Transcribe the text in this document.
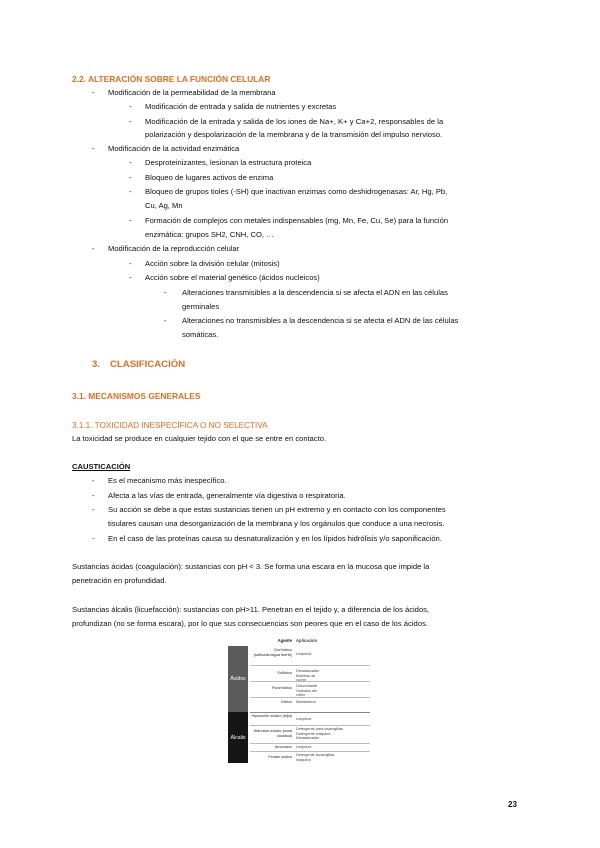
2.2. ALTERACIÓN SOBRE LA FUNCIÓN CELULAR
- Modificación de la permeabilidad de la membrana
- Modificación de entrada y salida de nutrientes y excretas
- Modificación de la entrada y salida de los iones de Na+, K+ y Ca+2, responsables de la
polarización y despolarización de la membrana y de la transmisión del impulso nervioso.
- Modificación de la actividad enzimática
- Desproteinizantes, lesionan la estructura proteica
- Bloqueo de lugares activos de enzima
- Bloqueo de grupos tioles (-SH) que inactivan enzimas como deshidrogenasas: Ar, Hg, Pb,
Cu, Ag, Mn
- Formación de complejos con metales indispensables (mg, Mn, Fe, Cu, Se) para la función
enzimática: grupos SH2, CNH, CO, …
- Modificación de la reproducción celular
- Acción sobre la división celular (mitosis)
- Acción sobre el material genético (ácidos nucleicos)
- Alteraciones transmisibles a la descendencia si se afecta el ADN en las células
germinales
- Alteraciones no transmisibles a la descendencia si se afecta el ADN de las células
somáticas.
3. CLASIFICACIÓN
3.1. MECANISMOS GENERALES
3.1.1. TOXICIDAD INESPECÍFICA O NO SELECTIVA
La toxicidad se produce en cualquier tejido con el que se entre en contacto.
CAUSTICACIÓN
- Es el mecanismo más inespecífico.
- Afecta a las vías de entrada, generalmente vía digestiva o respiratoria.
- Su acción se debe a que estas sustancias tienen un pH extremo y en contacto con los componentes
tisulares causan una desorganización de la membrana y los orgánulos que conduce a una necrosis.
- En el caso de las proteínas causa su desnaturalización y en los lípidos hidrólisis y/o saponificación.
Sustancias ácidas (coagulación): sustancias con pH < 3. Se forma una escara en la mucosa que impide la
penetración en profundidad.
Sustancias álcalis (licuefacción): sustancias con pH>11. Penetran en el tejido y, a diferencia de los ácidos,
profundizan (no se forma escara), por lo que sus consecuencias son peores que en el caso de los ácidos.
Agente Aplicación
Ácidos
Álcalis
Clorhídrico (salfumán/agua fuerte) Limpieza
Sulfúrico Desatascador Baterías de coche
Fluorhídrico Desoxidante Grabado del vidrio
Nítrico Metalistería
Hipoclorito sódico (lejía)
Limpieza
Hidróxido sódico (sosa cáustica)
Detergente para lavavajillas Detergente máquina Desatascador
Amoníaco Limpieza
Fenato sódico Detergente lavavajillas, máquina
23
